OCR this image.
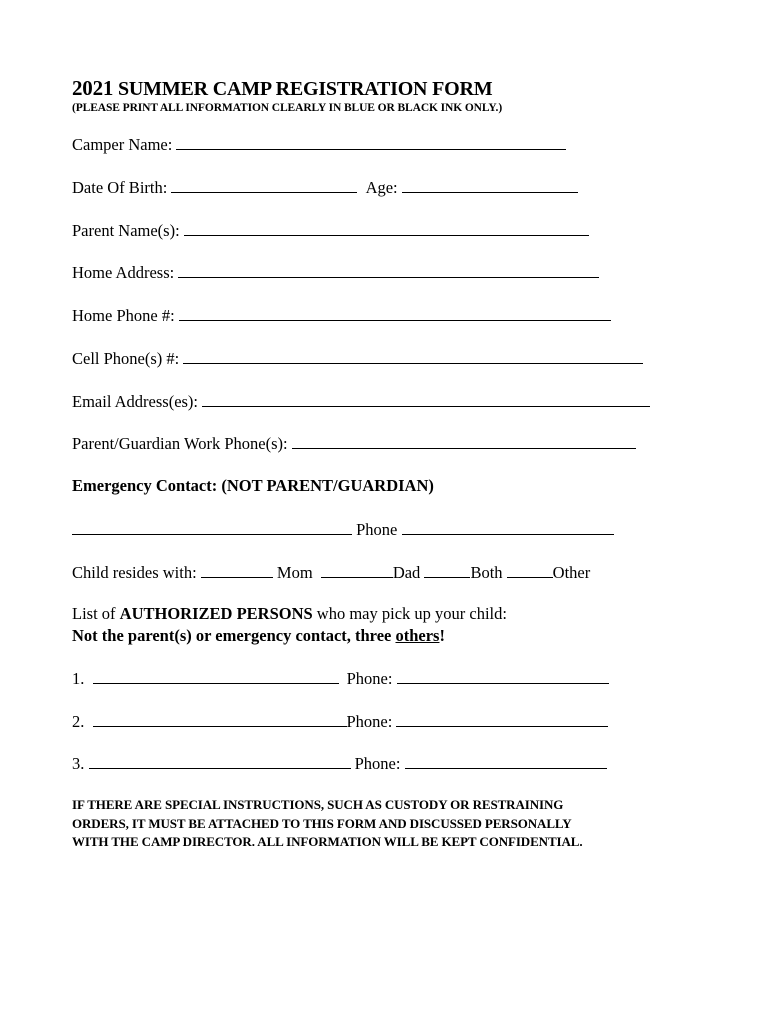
2021 SUMMER CAMP REGISTRATION FORM
(PLEASE PRINT ALL INFORMATION CLEARLY IN BLUE OR BLACK INK ONLY.)
Camper Name:
Date Of Birth:	Age:
Parent Name(s):
Home Address:
Home Phone #:
Cell Phone(s) #:
Email Address(es):
Parent/Guardian Work Phone(s):
Emergency Contact: (NOT PARENT/GUARDIAN)
Phone
Child resides with:	Mom	Dad	Both	Other
List of AUTHORIZED PERSONS who may pick up your child:
Not the parent(s) or emergency contact, three others!
1.	Phone:
2.	Phone:
3.	Phone:
IF THERE ARE SPECIAL INSTRUCTIONS, SUCH AS CUSTODY OR RESTRAINING
ORDERS, IT MUST BE ATTACHED TO THIS FORM AND DISCUSSED PERSONALLY
WITH THE CAMP DIRECTOR. ALL INFORMATION WILL BE KEPT CONFIDENTIAL.
